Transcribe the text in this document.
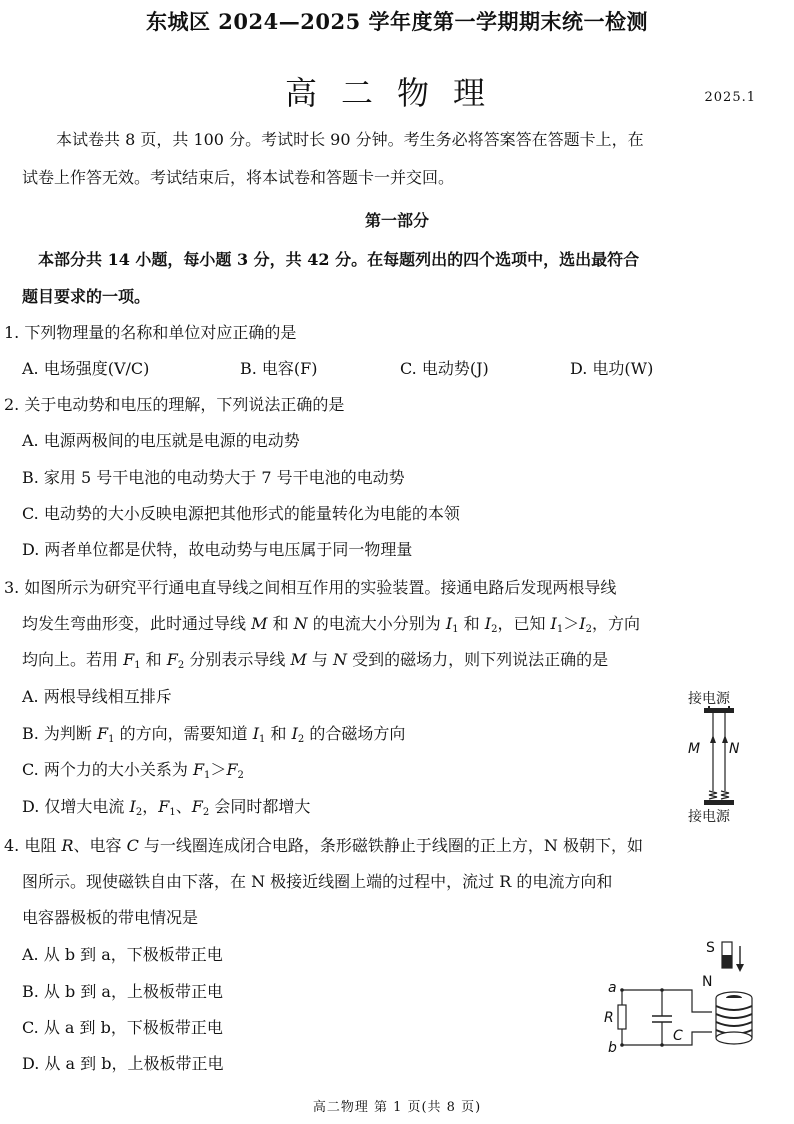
东城区 2024—2025 学年度第一学期期末统一检测
高二物理	2025.1
本试卷共 8 页，共 100 分。考试时长 90 分钟。考生务必将答案答在答题卡上，在
试卷上作答无效。考试结束后，将本试卷和答题卡一并交回。
第一部分
本部分共 14 小题，每小题 3 分，共 42 分。在每题列出的四个选项中，选出最符合
题目要求的一项。
1. 下列物理量的名称和单位对应正确的是
A. 电场强度(V/C)	B. 电容(F)	C. 电动势(J)	D. 电功(W)
2. 关于电动势和电压的理解，下列说法正确的是
A. 电源两极间的电压就是电源的电动势
B. 家用 5 号干电池的电动势大于 7 号干电池的电动势
C. 电动势的大小反映电源把其他形式的能量转化为电能的本领
D. 两者单位都是伏特，故电动势与电压属于同一物理量
3. 如图所示为研究平行通电直导线之间相互作用的实验装置。接通电路后发现两根导线
均发生弯曲形变，此时通过导线 M 和 N 的电流大小分别为 $I_1$ 和 $I_2$，已知 $I_1>I_2$，方向
均向上。若用 $F_1$ 和 $F_2$ 分别表示导线 M 与 N 受到的磁场力，则下列说法正确的是
A. 两根导线相互排斥
B. 为判断 $F_1$ 的方向，需要知道 $I_1$ 和 $I_2$ 的合磁场方向
C. 两个力的大小关系为 $F_1>F_2$
D. 仅增大电流 $I_2$，$F_1$、$F_2$ 会同时都增大
接电源
接电源
M N
4. 电阻 R、电容 C 与一线圈连成闭合电路，条形磁铁静止于线圈的正上方，N 极朝下，如
图所示。现使磁铁自由下落，在 N 极接近线圈上端的过程中，流过 R 的电流方向和
电容器极板的带电情况是
A. 从 b 到 a，下极板带正电
B. 从 b 到 a，上极板带正电
C. 从 a 到 b，下极板带正电
D. 从 a 到 b，上极板带正电
S
N
a
R
b
C
高二物理 第 1 页(共 8 页)
